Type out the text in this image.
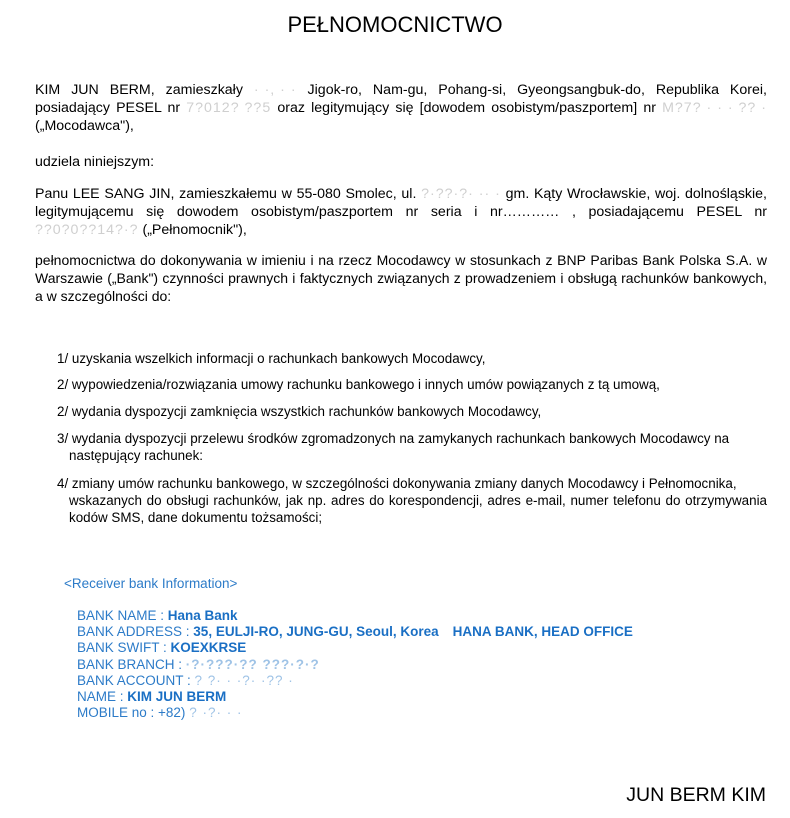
PEŁNOMOCNICTWO
KIM JUN BERM, zamieszkały · ·, · · Jigok-ro, Nam-gu, Pohang-si, Gyeongsangbuk-do, Republika Korei, posiadający PESEL nr 7?012? ??5 oraz legitymujący się [dowodem osobistym/paszportem] nr M?7? · · · ?? · („Mocodawca"),
udziela niniejszym:
Panu LEE SANG JIN, zamieszkałemu w 55-080 Smolec, ul. ?·??·?· ·· · gm. Kąty Wrocławskie, woj. dolnośląskie, legitymującemu się dowodem osobistym/paszportem nr seria i nr………… , posiadającemu PESEL nr ??0?0??14?·? („Pełnomocnik"),
pełnomocnictwa do dokonywania w imieniu i na rzecz Mocodawcy w stosunkach z BNP Paribas Bank Polska S.A. w Warszawie („Bank") czynności prawnych i faktycznych związanych z prowadzeniem i obsługą rachunków bankowych, a w szczególności do:
1/ uzyskania wszelkich informacji o rachunkach bankowych Mocodawcy,
2/ wypowiedzenia/rozwiązania umowy rachunku bankowego i innych umów powiązanych z tą umową,
2/ wydania dyspozycji zamknięcia wszystkich rachunków bankowych Mocodawcy,
3/ wydania dyspozycji przelewu środków zgromadzonych na zamykanych rachunkach bankowych Mocodawcy na
następujący rachunek:
4/ zmiany umów rachunku bankowego, w szczególności dokonywania zmiany danych Mocodawcy i Pełnomocnika,
wskazanych do obsługi rachunków, jak np. adres do korespondencji, adres e-mail, numer telefonu do otrzymywania kodów SMS, dane dokumentu tożsamości;
<Receiver bank Information>
BANK NAME : Hana Bank
BANK ADDRESS : 35, EULJI-RO, JUNG-GU, Seoul, Korea HANA BANK, HEAD OFFICE
BANK SWIFT : KOEXKRSE
BANK BRANCH : ·?·???·?? ???·?·?
BANK ACCOUNT : ? ?· · ·?· ·?? ·
NAME : KIM JUN BERM
MOBILE no : +82) ? ·?· · ·
JUN BERM KIM
